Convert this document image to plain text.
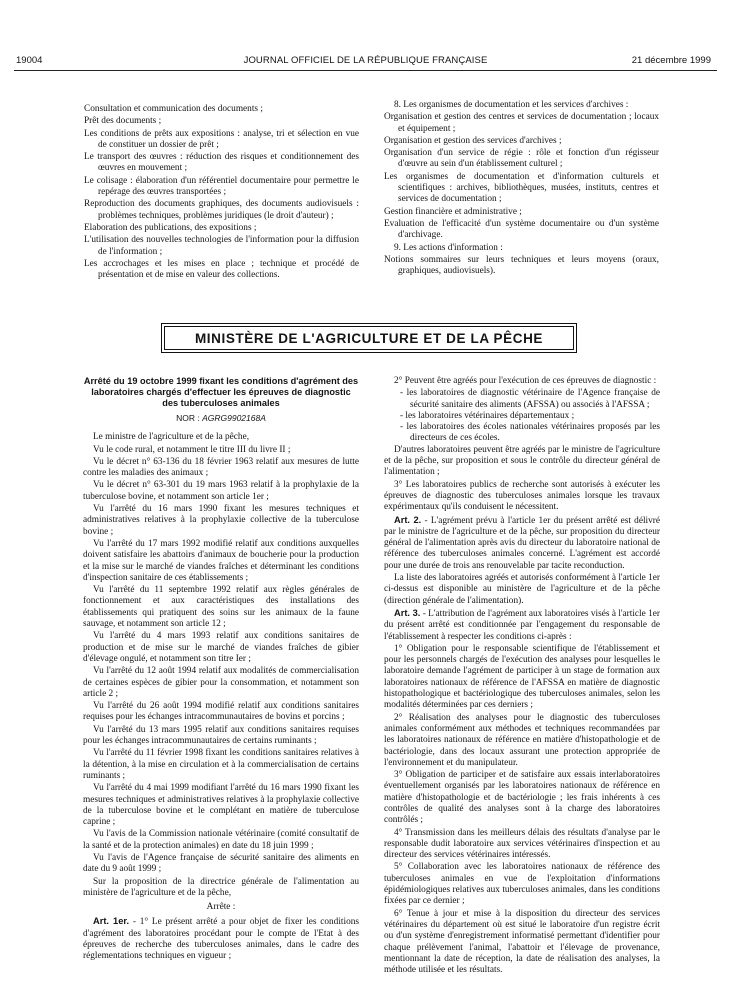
19004	JOURNAL OFFICIEL DE LA RÉPUBLIQUE FRANÇAISE	21 décembre 1999

Consultation et communication des documents ;

Prêt des documents ;

Les conditions de prêts aux expositions : analyse, tri et sélection en vue de constituer un dossier de prêt ;

Le transport des œuvres : réduction des risques et conditionnement des œuvres en mouvement ;

Le colisage : élaboration d'un référentiel documentaire pour permettre le repérage des œuvres transportées ;

Reproduction des documents graphiques, des documents audiovisuels : problèmes techniques, problèmes juridiques (le droit d'auteur) ;

Elaboration des publications, des expositions ;

L'utilisation des nouvelles technologies de l'information pour la diffusion de l'information ;

Les accrochages et les mises en place ; technique et procédé de présentation et de mise en valeur des collections.

8. Les organismes de documentation et les services d'archives :

Organisation et gestion des centres et services de documentation ; locaux et équipement ;

Organisation et gestion des services d'archives ;

Organisation d'un service de régie : rôle et fonction d'un régisseur d'œuvre au sein d'un établissement culturel ;

Les organismes de documentation et d'information culturels et scientifiques : archives, bibliothèques, musées, instituts, centres et services de documentation ;

Gestion financière et administrative ;

Evaluation de l'efficacité d'un système documentaire ou d'un système d'archivage.

9. Les actions d'information :

Notions sommaires sur leurs techniques et leurs moyens (oraux, graphiques, audiovisuels).

MINISTÈRE DE L'AGRICULTURE ET DE LA PÊCHE

Arrêté du 19 octobre 1999 fixant les conditions d'agrément des laboratoires chargés d'effectuer les épreuves de diagnostic des tuberculoses animales

NOR : AGRG9902168A

Le ministre de l'agriculture et de la pêche,

Vu le code rural, et notamment le titre III du livre II ;

Vu le décret n° 63-136 du 18 février 1963 relatif aux mesures de lutte contre les maladies des animaux ;

Vu le décret n° 63-301 du 19 mars 1963 relatif à la prophylaxie de la tuberculose bovine, et notamment son article 1er ;

Vu l'arrêté du 16 mars 1990 fixant les mesures techniques et administratives relatives à la prophylaxie collective de la tuberculose bovine ;

Vu l'arrêté du 17 mars 1992 modifié relatif aux conditions auxquelles doivent satisfaire les abattoirs d'animaux de boucherie pour la production et la mise sur le marché de viandes fraîches et déterminant les conditions d'inspection sanitaire de ces établissements ;

Vu l'arrêté du 11 septembre 1992 relatif aux règles générales de fonctionnement et aux caractéristiques des installations des établissements qui pratiquent des soins sur les animaux de la faune sauvage, et notamment son article 12 ;

Vu l'arrêté du 4 mars 1993 relatif aux conditions sanitaires de production et de mise sur le marché de viandes fraîches de gibier d'élevage ongulé, et notamment son titre Ier ;

Vu l'arrêté du 12 août 1994 relatif aux modalités de commercialisation de certaines espèces de gibier pour la consommation, et notamment son article 2 ;

Vu l'arrêté du 26 août 1994 modifié relatif aux conditions sanitaires requises pour les échanges intracommunautaires de bovins et porcins ;

Vu l'arrêté du 13 mars 1995 relatif aux conditions sanitaires requises pour les échanges intracommunautaires de certains ruminants ;

Vu l'arrêté du 11 février 1998 fixant les conditions sanitaires relatives à la détention, à la mise en circulation et à la commercialisation de certains ruminants ;

Vu l'arrêté du 4 mai 1999 modifiant l'arrêté du 16 mars 1990 fixant les mesures techniques et administratives relatives à la prophylaxie collective de la tuberculose bovine et le complétant en matière de tuberculose caprine ;

Vu l'avis de la Commission nationale vétérinaire (comité consultatif de la santé et de la protection animales) en date du 18 juin 1999 ;

Vu l'avis de l'Agence française de sécurité sanitaire des aliments en date du 9 août 1999 ;

Sur la proposition de la directrice générale de l'alimentation au ministère de l'agriculture et de la pêche,

Arrête :

Art. 1er. - 1° Le présent arrêté a pour objet de fixer les conditions d'agrément des laboratoires procédant pour le compte de l'Etat à des épreuves de recherche des tuberculoses animales, dans le cadre des réglementations techniques en vigueur ;

2° Peuvent être agréés pour l'exécution de ces épreuves de diagnostic :

- les laboratoires de diagnostic vétérinaire de l'Agence française de sécurité sanitaire des aliments (AFSSA) ou associés à l'AFSSA ;

- les laboratoires vétérinaires départementaux ;

- les laboratoires des écoles nationales vétérinaires proposés par les directeurs de ces écoles.

D'autres laboratoires peuvent être agréés par le ministre de l'agriculture et de la pêche, sur proposition et sous le contrôle du directeur général de l'alimentation ;

3° Les laboratoires publics de recherche sont autorisés à exécuter les épreuves de diagnostic des tuberculoses animales lorsque les travaux expérimentaux qu'ils conduisent le nécessitent.

Art. 2. - L'agrément prévu à l'article 1er du présent arrêté est délivré par le ministre de l'agriculture et de la pêche, sur proposition du directeur général de l'alimentation après avis du directeur du laboratoire national de référence des tuberculoses animales concerné. L'agrément est accordé pour une durée de trois ans renouvelable par tacite reconduction.

La liste des laboratoires agréés et autorisés conformément à l'article 1er ci-dessus est disponible au ministère de l'agriculture et de la pêche (direction générale de l'alimentation).

Art. 3. - L'attribution de l'agrément aux laboratoires visés à l'article 1er du présent arrêté est conditionnée par l'engagement du responsable de l'établissement à respecter les conditions ci-après :

1° Obligation pour le responsable scientifique de l'établissement et pour les personnels chargés de l'exécution des analyses pour lesquelles le laboratoire demande l'agrément de participer à un stage de formation aux laboratoires nationaux de référence de l'AFSSA en matière de diagnostic histopathologique et bactériologique des tuberculoses animales, selon les modalités déterminées par ces derniers ;

2° Réalisation des analyses pour le diagnostic des tuberculoses animales conformément aux méthodes et techniques recommandées par les laboratoires nationaux de référence en matière d'histopathologie et de bactériologie, dans des locaux assurant une protection appropriée de l'environnement et du manipulateur.

3° Obligation de participer et de satisfaire aux essais interlaboratoires éventuellement organisés par les laboratoires nationaux de référence en matière d'histopathologie et de bactériologie ; les frais inhérents à ces contrôles de qualité des analyses sont à la charge des laboratoires contrôlés ;

4° Transmission dans les meilleurs délais des résultats d'analyse par le responsable dudit laboratoire aux services vétérinaires d'inspection et au directeur des services vétérinaires intéressés.

5° Collaboration avec les laboratoires nationaux de référence des tuberculoses animales en vue de l'exploitation d'informations épidémiologiques relatives aux tuberculoses animales, dans les conditions fixées par ce dernier ;

6° Tenue à jour et mise à la disposition du directeur des services vétérinaires du département où est situé le laboratoire d'un registre écrit ou d'un système d'enregistrement informatisé permettant d'identifier pour chaque prélèvement l'animal, l'abattoir et l'élevage de provenance, mentionnant la date de réception, la date de réalisation des analyses, la méthode utilisée et les résultats.
